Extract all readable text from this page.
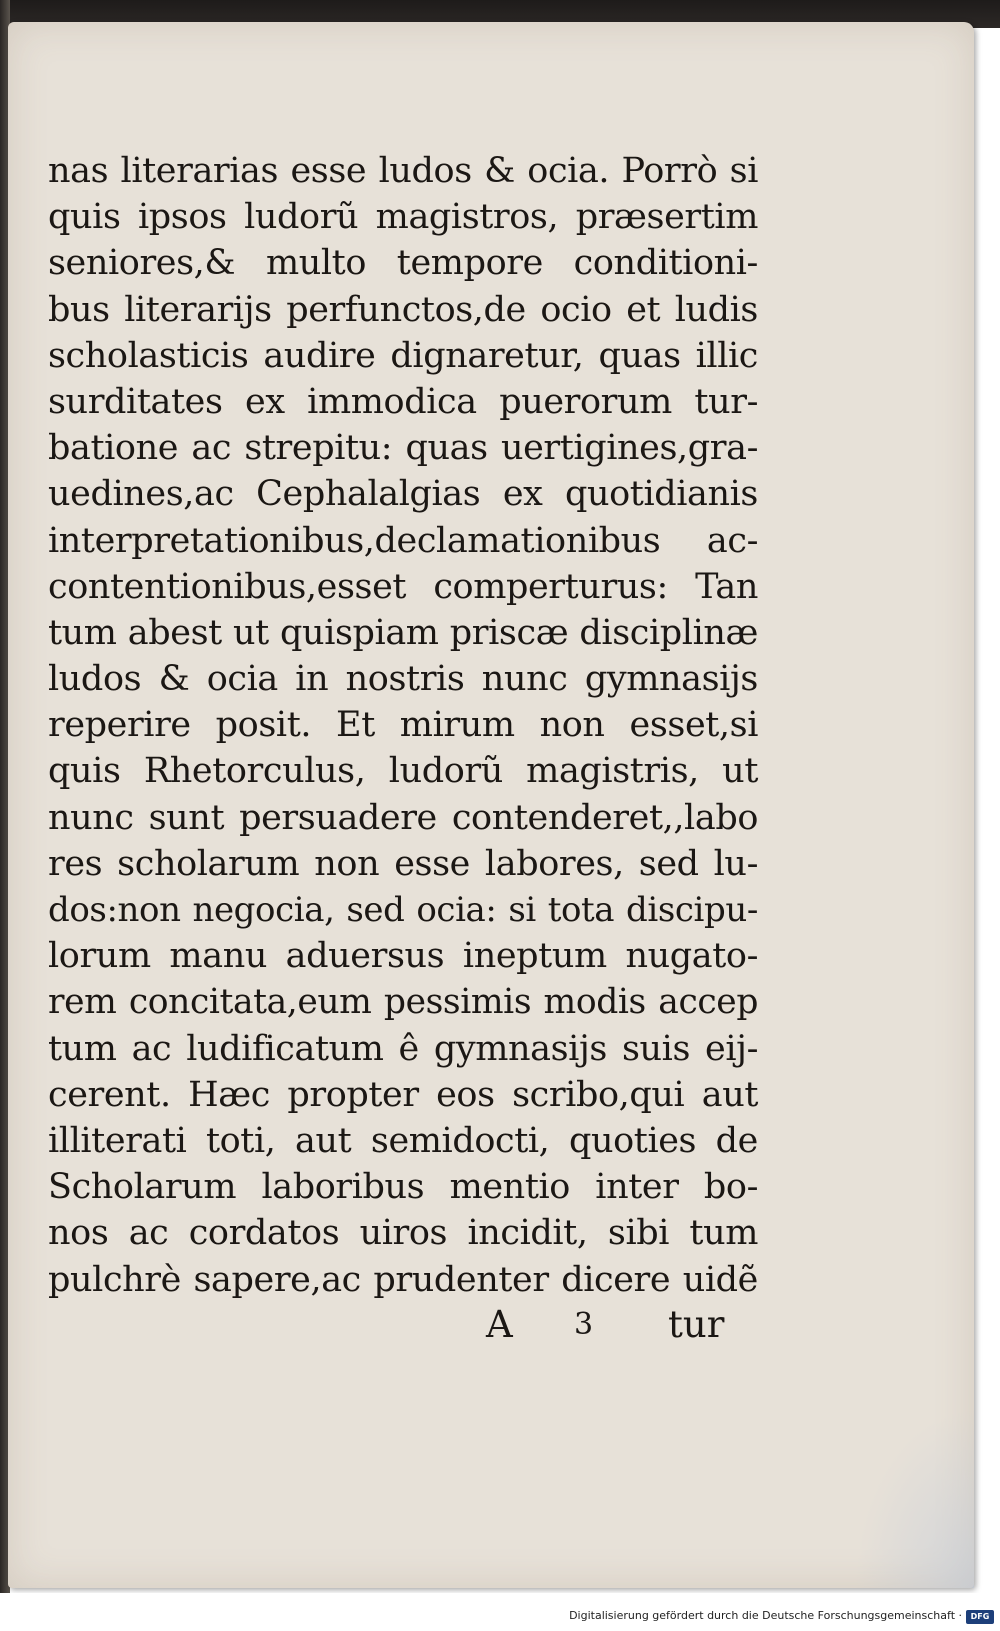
nas literarias esse ludos & ocia. Porrò si
quis ipsos ludorũ magistros, præsertim
seniores,& multo tempore conditioni-
bus literarijs perfunctos,de ocio et ludis
scholasticis audire dignaretur, quas illic
surditates ex immodica puerorum tur-
batione ac strepitu: quas uertigines,gra-
uedines,ac Cephalalgias ex quotidianis
interpretationibus,declamationibus ac-
contentionibus,esset comperturus: Tan
tum abest ut quispiam priscæ disciplinæ
ludos & ocia in nostris nunc gymnasijs
reperire posit. Et mirum non esset,si
quis Rhetorculus, ludorũ magistris, ut
nunc sunt persuadere contenderet,,labo
res scholarum non esse labores, sed lu-
dos:non negocia, sed ocia: si tota discipu-
lorum manu aduersus ineptum nugato-
rem concitata,eum pessimis modis accep
tum ac ludificatum ê gymnasijs suis eij-
cerent. Hæc propter eos scribo,qui aut
illiterati toti, aut semidocti, quoties de
Scholarum laboribus mentio inter bo-
nos ac cordatos uiros incidit, sibi tum
pulchrè sapere,ac prudenter dicere uidẽ
A 3 tur
Digitalisierung gefördert durch die Deutsche Forschungsgemeinschaft ·	DFG
